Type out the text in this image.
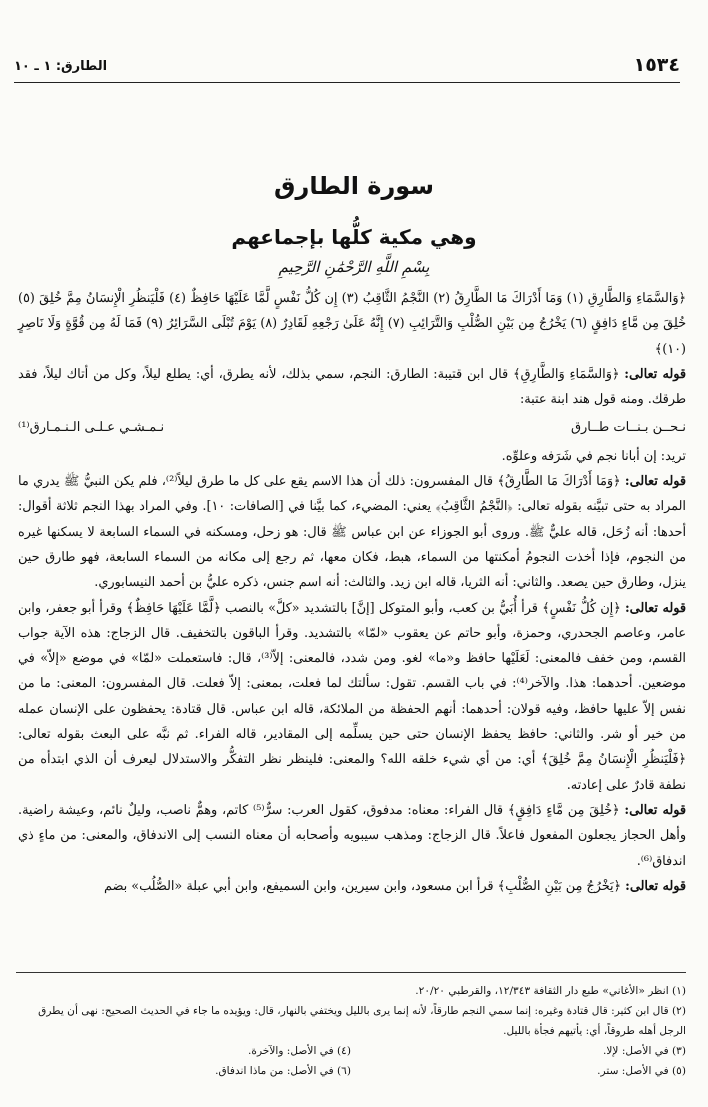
١٥٣٤
الطارق: ١ ـ ١٠
سورة الطارق
وهي مكية كلُّها بإجماعهم
بِسْمِ اللَّهِ الرَّحْمَٰنِ الرَّحِيمِ

﴿وَالسَّمَاءِ وَالطَّارِقِ (١) وَمَا أَدْرَاكَ مَا الطَّارِقُ (٢) النَّجْمُ الثَّاقِبُ (٣) إِن كُلُّ نَفْسٍ لَّمَّا عَلَيْهَا حَافِظٌ (٤) فَلْيَنظُرِ الْإِنسَانُ مِمَّ خُلِقَ (٥) خُلِقَ مِن مَّاءٍ دَافِقٍ (٦) يَخْرُجُ مِن بَيْنِ الصُّلْبِ وَالتَّرَائِبِ (٧) إِنَّهُ عَلَىٰ رَجْعِهِ لَقَادِرٌ (٨) يَوْمَ تُبْلَى السَّرَائِرُ (٩) فَمَا لَهُ مِن قُوَّةٍ وَلَا نَاصِرٍ (١٠)﴾

قوله تعالى: ﴿وَالسَّمَاءِ وَالطَّارِقِ﴾ قال ابن قتيبة: الطارق: النجم، سمي بذلك، لأنه يطرق، أي: يطلع ليلاً، وكل من أتاك ليلاً، فقد طرقك. ومنه قول هند ابنة عتبة:

نـحــن بـنــات طــارق
نـمـشـي عـلـى الـنـمـارق⁽¹⁾

تريد: إن أبانا نجم في شَرَفه وعلوِّه.

قوله تعالى: ﴿وَمَا أَدْرَاكَ مَا الطَّارِقُ﴾ قال المفسرون: ذلك أن هذا الاسم يقع على كل ما طرق ليلاً⁽²⁾، فلم يكن النبيُّ ﷺ يدري ما المراد به حتى تبيَّنه بقوله تعالى: ﴿النَّجْمُ الثَّاقِبُ﴾ يعني: المضيء، كما بيَّنا في [الصافات: ١٠]. وفي المراد بهذا النجم ثلاثة أقوال: أحدها: أنه زُحَل، قاله عليٌّ ﷺ. وروى أبو الجوزاء عن ابن عباس ﷺ قال: هو زحل، ومسكنه في السماء السابعة لا يسكنها غيره من النجوم، فإذا أخذت النجومُ أمكنتها من السماء، هبط، فكان معها، ثم رجع إلى مكانه من السماء السابعة، فهو طارق حين ينزل، وطارق حين يصعد. والثاني: أنه الثريا، قاله ابن زيد. والثالث: أنه اسم جنس، ذكره عليُّ بن أحمد النيسابوري.

قوله تعالى: ﴿إِن كُلُّ نَفْسٍ﴾ قرأ أُبَيُّ بن كعب، وأبو المتوكل [إنَّ] بالتشديد «كلَّ» بالنصب ﴿لَّمَّا عَلَيْهَا حَافِظٌ﴾ وقرأ أبو جعفر، وابن عامر، وعاصم الجحدري، وحمزة، وأبو حاتم عن يعقوب «لمّا» بالتشديد. وقرأ الباقون بالتخفيف. قال الزجاج: هذه الآية جواب القسم، ومن خفف فالمعنى: لَعَلَيْها حافظ و«ما» لغو. ومن شدد، فالمعنى: إلاّ⁽³⁾، قال: فاستعملت «لمّا» في موضع «إلاّ» في موضعين. أحدهما: هذا. والآخر⁽⁴⁾: في باب القسم. تقول: سألتك لما فعلت، بمعنى: إلاّ فعلت. قال المفسرون: المعنى: ما من نفس إلاّ عليها حافظ، وفيه قولان: أحدهما: أنهم الحفظة من الملائكة، قاله ابن عباس. قال قتادة: يحفظون على الإنسان عمله من خير أو شر. والثاني: حافظ يحفظ الإنسان حتى حين يسلِّمه إلى المقادير، قاله الفراء. ثم نبَّه على البعث بقوله تعالى: ﴿فَلْيَنظُرِ الْإِنسَانُ مِمَّ خُلِقَ﴾ أي: من أي شيء خلقه الله؟ والمعنى: فلينظر نظر التفكُّر والاستدلال ليعرف أن الذي ابتدأه من نطفة قادرٌ على إعادته.

قوله تعالى: ﴿خُلِقَ مِن مَّاءٍ دَافِقٍ﴾ قال الفراء: معناه: مدفوق، كقول العرب: سرٌّ⁽⁵⁾ كاتم، وهمٌّ ناصب، وليلٌ نائم، وعيشة راضية. وأهل الحجاز يجعلون المفعول فاعلاً. قال الزجاج: ومذهب سيبويه وأصحابه أن معناه النسب إلى الاندفاق، والمعنى: من ماءٍ ذي اندفاق⁽⁶⁾.

قوله تعالى: ﴿يَخْرُجُ مِن بَيْنِ الصُّلْبِ﴾ قرأ ابن مسعود، وابن سيرين، وابن السميفع، وابن أبي عبلة «الصُّلُب» بضم

(١) انظر «الأغاني» طبع دار الثقافة ١٢/٣٤٣، والقرطبي ٢٠/٢٠.

(٢) قال ابن كثير: قال قتادة وغيره: إنما سمي النجم طارقاً، لأنه إنما يرى بالليل ويختفي بالنهار، قال: ويؤيده ما جاء في الحديث الصحيح: نهى أن يطرق الرجل أهله طروقاً، أي: يأتيهم فجأة بالليل.

(٣) في الأصل: لإلا.

(٤) في الأصل: والآخرة.

(٥) في الأصل: ستر.

(٦) في الأصل: من ماذا اندفاق.
